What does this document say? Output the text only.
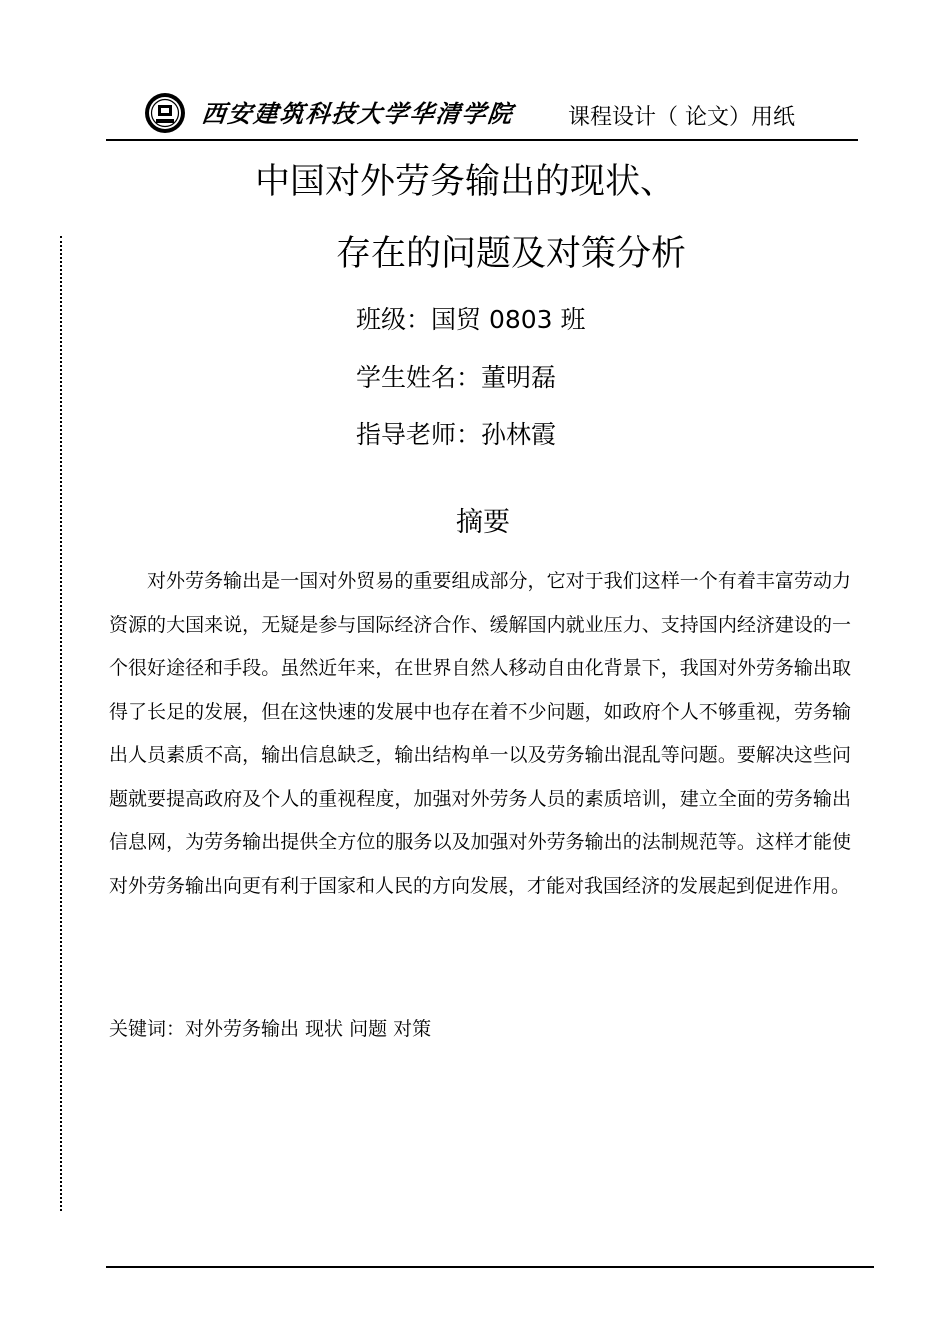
西安建筑科技大学华清学院 课程设计（ 论文）用纸
中国对外劳务输出的现状、
存在的问题及对策分析
班级：国贸 0803 班
学生姓名：董明磊
指导老师：孙林霞
摘要

对外劳务输出是一国对外贸易的重要组成部分，它对于我们这样一个有着丰富劳动力资源的大国来说，无疑是参与国际经济合作、缓解国内就业压力、支持国内经济建设的一个很好途径和手段。虽然近年来，在世界自然人移动自由化背景下，我国对外劳务输出取得了长足的发展，但在这快速的发展中也存在着不少问题，如政府个人不够重视，劳务输出人员素质不高，输出信息缺乏，输出结构单一以及劳务输出混乱等问题。要解决这些问题就要提高政府及个人的重视程度，加强对外劳务人员的素质培训，建立全面的劳务输出信息网，为劳务输出提供全方位的服务以及加强对外劳务输出的法制规范等。这样才能使对外劳务输出向更有利于国家和人民的方向发展，才能对我国经济的发展起到促进作用。

关键词：对外劳务输出 现状 问题 对策
